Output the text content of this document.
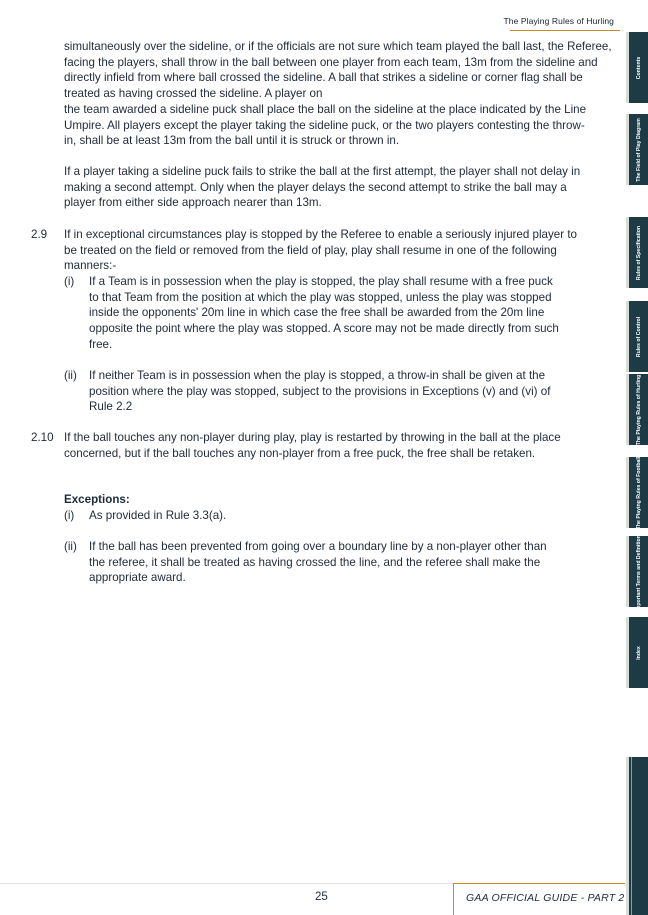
The Playing Rules of Hurling

simultaneously over the sideline, or if the officials are not sure which team played the ball last, the Referee, facing the players, shall throw in the ball between one player from each team, 13m from the sideline and directly infield from where ball crossed the sideline. A ball that strikes a sideline or corner flag shall be treated as having crossed the sideline. A player on

the team awarded a sideline puck shall place the ball on the sideline at the place indicated by the Line Umpire. All players except the player taking the sideline puck, or the two players contesting the throw-in, shall be at least 13m from the ball until it is struck or thrown in.

If a player taking a sideline puck fails to strike the ball at the first attempt, the player shall not delay in making a second attempt. Only when the player delays the second attempt to strike the ball may a player from either side approach nearer than 13m.

2.9 If in exceptional circumstances play is stopped by the Referee to enable a seriously injured player to be treated on the field or removed from the field of play, play shall resume in one of the following manners:-

(i) If a Team is in possession when the play is stopped, the play shall resume with a free puck to that Team from the position at which the play was stopped, unless the play was stopped inside the opponents' 20m line in which case the free shall be awarded from the 20m line opposite the point where the play was stopped. A score may not be made directly from such free.

(ii) If neither Team is in possession when the play is stopped, a throw-in shall be given at the position where the play was stopped, subject to the provisions in Exceptions (v) and (vi) of Rule 2.2

2.10 If the ball touches any non-player during play, play is restarted by throwing in the ball at the place concerned, but if the ball touches any non-player from a free puck, the free shall be retaken.

Exceptions:

(i) As provided in Rule 3.3(a).

(ii) If the ball has been prevented from going over a boundary line by a non-player other than the referee, it shall be treated as having crossed the line, and the referee shall make the appropriate award.

Contents
The Field of Play Diagram
Rules of Specification
Rules of Control
The Playing Rules of Hurling
The Playing Rules of Football
Important Terms and Definitions
Index
25	GAA OFFICIAL GUIDE - PART 2
